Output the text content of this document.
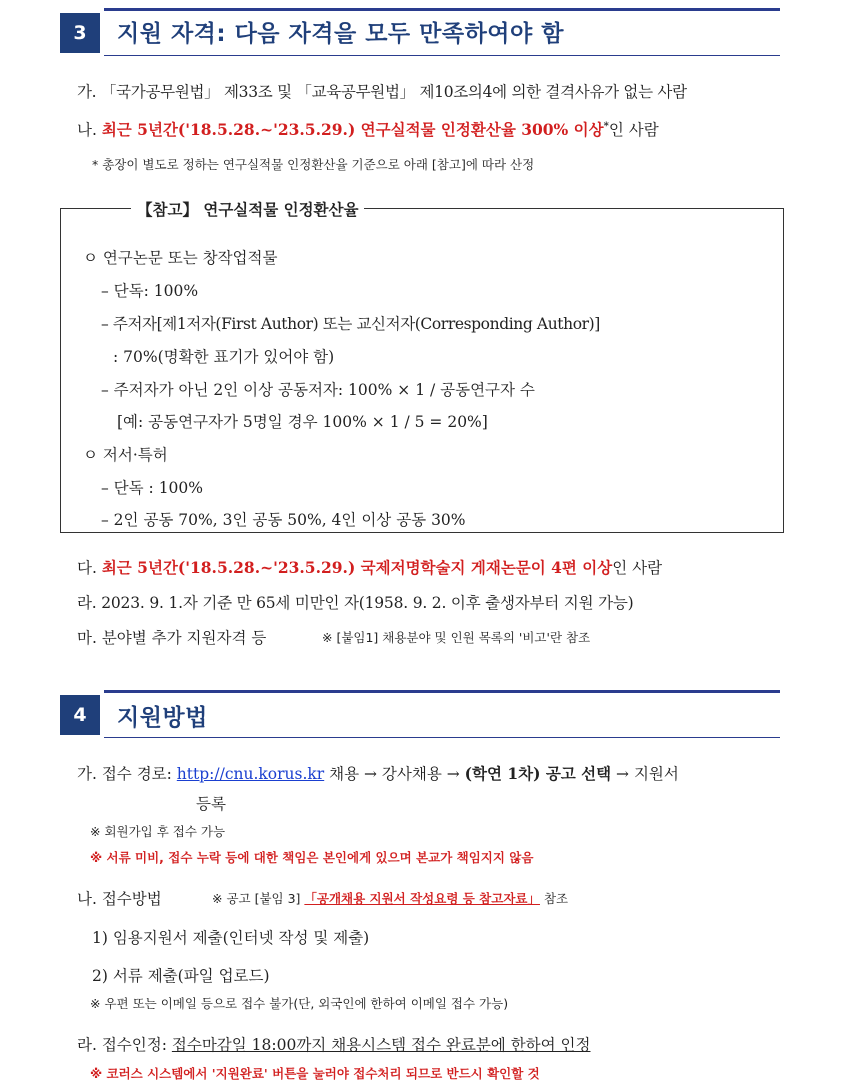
3	지원 자격: 다음 자격을 모두 만족하여야 함
가. 「국가공무원법」 제33조 및 「교육공무원법」 제10조의4에 의한 결격사유가 없는 사람
나. 최근 5년간('18.5.28.~'23.5.29.) 연구실적물 인정환산율 300% 이상*인 사람
* 총장이 별도로 정하는 연구실적물 인정환산율 기준으로 아래 [참고]에 따라 산정
【참고】 연구실적물 인정환산율
ㅇ 연구논문 또는 창작업적물
– 단독: 100%
– 주저자[제1저자(First Author) 또는 교신저자(Corresponding Author)]
: 70%(명확한 표기가 있어야 함)
– 주저자가 아닌 2인 이상 공동저자: 100% × 1 / 공동연구자 수
[예: 공동연구자가 5명일 경우 100% × 1 / 5 = 20%]
ㅇ 저서·특허
– 단독 : 100%
– 2인 공동 70%, 3인 공동 50%, 4인 이상 공동 30%
다. 최근 5년간('18.5.28.~'23.5.29.) 국제저명학술지 게재논문이 4편 이상인 사람
라. 2023. 9. 1.자 기준 만 65세 미만인 자(1958. 9. 2. 이후 출생자부터 지원 가능)
마. 분야별 추가 지원자격 등	※ [붙임1] 채용분야 및 인원 목록의 '비고'란 참조
4	지원방법
가. 접수 경로: http://cnu.korus.kr 채용 → 강사채용 → (학연 1차) 공고 선택 → 지원서
등록
※ 회원가입 후 접수 가능
※ 서류 미비, 접수 누락 등에 대한 책임은 본인에게 있으며 본교가 책임지지 않음
나. 접수방법	※ 공고 [붙임 3] 「공개채용 지원서 작성요령 등 참고자료」 참조
1) 임용지원서 제출(인터넷 작성 및 제출)
2) 서류 제출(파일 업로드)
※ 우편 또는 이메일 등으로 접수 불가(단, 외국인에 한하여 이메일 접수 가능)
라. 접수인정: 접수마감일 18:00까지 채용시스템 접수 완료분에 한하여 인정
※ 코러스 시스템에서 '지원완료' 버튼을 눌러야 접수처리 되므로 반드시 확인할 것
